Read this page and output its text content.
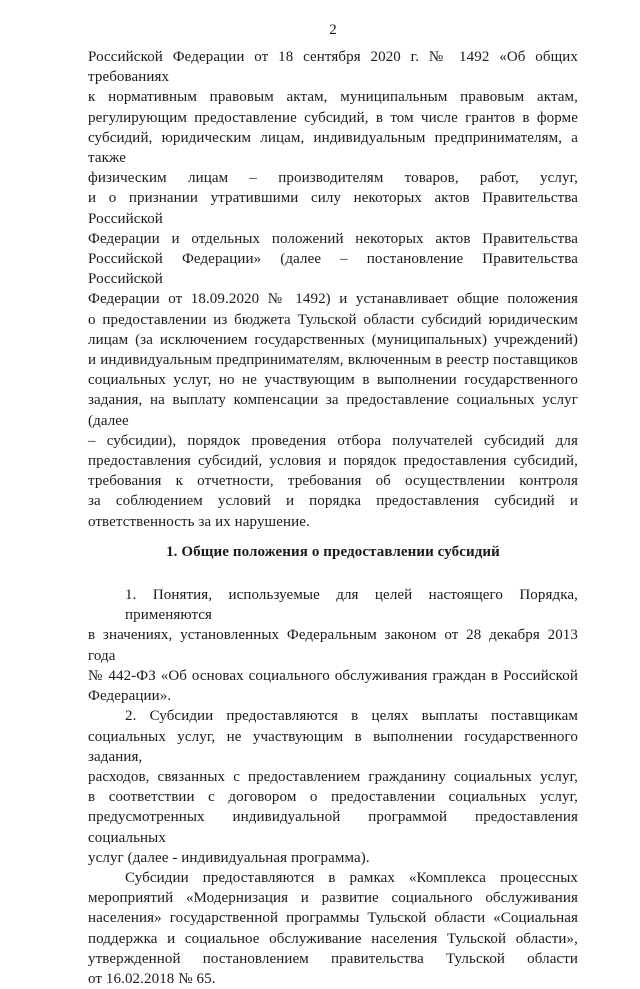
2
Российской Федерации от 18 сентября 2020 г. № 1492 «Об общих требованиях
к нормативным правовым актам, муниципальным правовым актам,
регулирующим предоставление субсидий, в том числе грантов в форме
субсидий, юридическим лицам, индивидуальным предпринимателям, а также
физическим лицам – производителям товаров, работ, услуг,
и о признании утратившими силу некоторых актов Правительства Российской
Федерации и отдельных положений некоторых актов Правительства
Российской Федерации» (далее – постановление Правительства Российской
Федерации от 18.09.2020 № 1492) и устанавливает общие положения
о предоставлении из бюджета Тульской области субсидий юридическим
лицам (за исключением государственных (муниципальных) учреждений)
и индивидуальным предпринимателям, включенным в реестр поставщиков
социальных услуг, но не участвующим в выполнении государственного
задания, на выплату компенсации за предоставление социальных услуг (далее
– субсидии), порядок проведения отбора получателей субсидий для
предоставления субсидий, условия и порядок предоставления субсидий,
требования к отчетности, требования об осуществлении контроля
за соблюдением условий и порядка предоставления субсидий и
ответственность за их нарушение.
1. Общие положения о предоставлении субсидий
1. Понятия, используемые для целей настоящего Порядка, применяются
в значениях, установленных Федеральным законом от 28 декабря 2013 года
№ 442-ФЗ «Об основах социального обслуживания граждан в Российской
Федерации».
2. Субсидии предоставляются в целях выплаты поставщикам
социальных услуг, не участвующим в выполнении государственного задания,
расходов, связанных с предоставлением гражданину социальных услуг,
в соответствии с договором о предоставлении социальных услуг,
предусмотренных индивидуальной программой предоставления социальных
услуг (далее - индивидуальная программа).
Субсидии предоставляются в рамках «Комплекса процессных
мероприятий «Модернизация и развитие социального обслуживания
населения» государственной программы Тульской области «Социальная
поддержка и социальное обслуживание населения Тульской области»,
утвержденной постановлением правительства Тульской области
от 16.02.2018 № 65.
